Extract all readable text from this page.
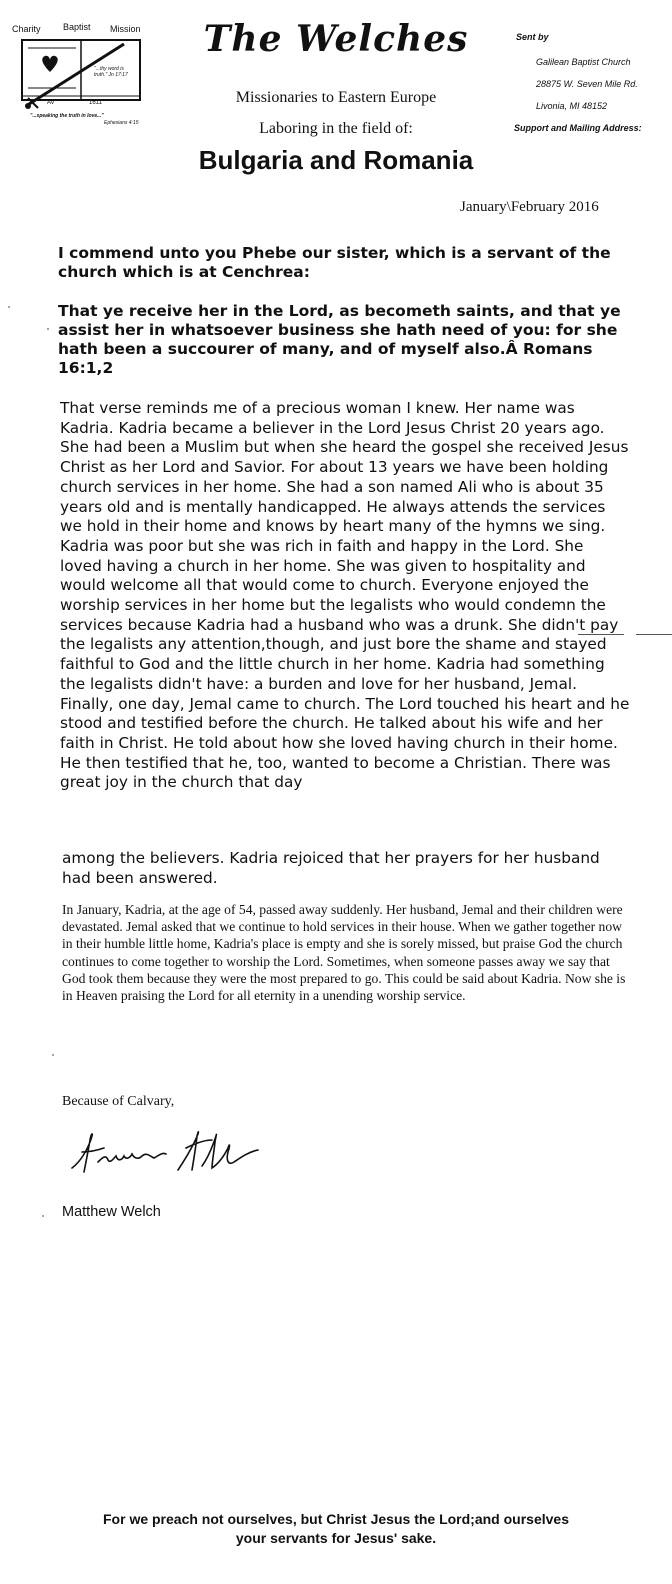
Charity Baptist Mission
"...thy word is truth." Jn 17:17
AV	1611
"...speaking the truth in love..."
Ephesians 4:15
The Welches
Missionaries to Eastern Europe
Laboring in the field of:
Bulgaria and Romania
Sent by
Galilean Baptist Church
28875 W. Seven Mile Rd.
Livonia, MI 48152
Support and Mailing Address:
January\February 2016

I commend unto you Phebe our sister, which is a servant of the church which is at Cenchrea:

That ye receive her in the Lord, as becometh saints, and that ye assist her in whatsoever business she hath need of you: for she hath been a succourer of many, and of myself also.Â Romans 16:1,2

That verse reminds me of a precious woman I knew. Her name was Kadria. Kadria became a believer in the Lord Jesus Christ 20 years ago. She had been a Muslim but when she heard the gospel she received Jesus Christ as her Lord and Savior. For about 13 years we have been holding church services in her home. She had a son named Ali who is about 35 years old and is mentally handicapped. He always attends the services we hold in their home and knows by heart many of the hymns we sing. Kadria was poor but she was rich in faith and happy in the Lord. She loved having a church in her home. She was given to hospitality and would welcome all that would come to church. Everyone enjoyed the worship services in her home but the legalists who would condemn the services because Kadria had a husband who was a drunk. She didn't pay the legalists any attention,though, and just bore the shame and stayed faithful to God and the little church in her home. Kadria had something the legalists didn't have: a burden and love for her husband, Jemal. Finally, one day, Jemal came to church. The Lord touched his heart and he stood and testified before the church. He talked about his wife and her faith in Christ. He told about how she loved having church in their home. He then testified that he, too, wanted to become a Christian. There was great joy in the church that day

among the believers. Kadria rejoiced that her prayers for her husband had been answered.

In January, Kadria, at the age of 54, passed away suddenly. Her husband, Jemal and their children were devastated. Jemal asked that we continue to hold services in their house. When we gather together now in their humble little home, Kadria's place is empty and she is sorely missed, but praise God the church continues to come together to worship the Lord. Sometimes, when someone passes away we say that God took them because they were the most prepared to go. This could be said about Kadria. Now she is in Heaven praising the Lord for all eternity in a unending worship service.

Because of Calvary,
Matthew Welch
For we preach not ourselves, but Christ Jesus the Lord;and ourselves
your servants for Jesus' sake.
